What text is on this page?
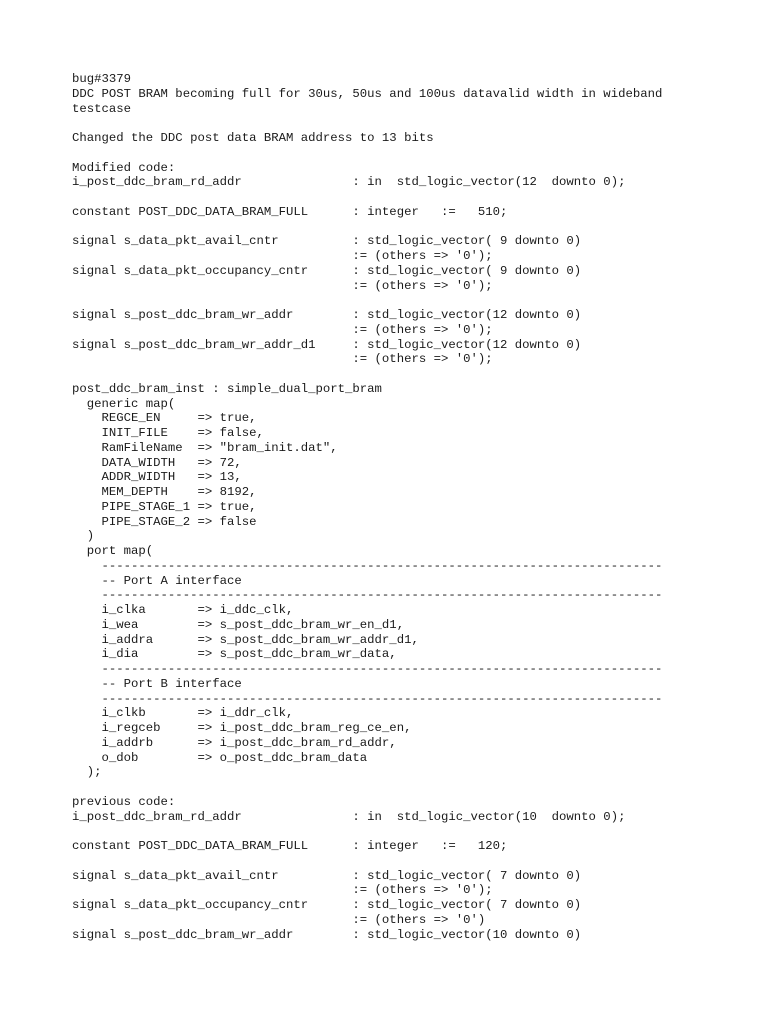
bug#3379
DDC POST BRAM becoming full for 30us, 50us and 100us datavalid width in wideband
testcase
Changed the DDC post data BRAM address to 13 bits
Modified code:
i_post_ddc_bram_rd_addr               : in  std_logic_vector(12  downto 0);
constant POST_DDC_DATA_BRAM_FULL      : integer   :=   510;
signal s_data_pkt_avail_cntr          : std_logic_vector( 9 downto 0)
:= (others => '0');
signal s_data_pkt_occupancy_cntr      : std_logic_vector( 9 downto 0)
:= (others => '0');
signal s_post_ddc_bram_wr_addr        : std_logic_vector(12 downto 0)
:= (others => '0');
signal s_post_ddc_bram_wr_addr_d1     : std_logic_vector(12 downto 0)
:= (others => '0');
post_ddc_bram_inst : simple_dual_port_bram
generic map(
REGCE_EN     => true,
INIT_FILE    => false,
RamFileName  => "bram_init.dat",
DATA_WIDTH   => 72,
ADDR_WIDTH   => 13,
MEM_DEPTH    => 8192,
PIPE_STAGE_1 => true,
PIPE_STAGE_2 => false
)
port map(
----------------------------------------------------------------------------
-- Port A interface
----------------------------------------------------------------------------
i_clka       => i_ddc_clk,
i_wea        => s_post_ddc_bram_wr_en_d1,
i_addra      => s_post_ddc_bram_wr_addr_d1,
i_dia        => s_post_ddc_bram_wr_data,
----------------------------------------------------------------------------
-- Port B interface
----------------------------------------------------------------------------
i_clkb       => i_ddr_clk,
i_regceb     => i_post_ddc_bram_reg_ce_en,
i_addrb      => i_post_ddc_bram_rd_addr,
o_dob        => o_post_ddc_bram_data
);
previous code:
i_post_ddc_bram_rd_addr               : in  std_logic_vector(10  downto 0);
constant POST_DDC_DATA_BRAM_FULL      : integer   :=   120;
signal s_data_pkt_avail_cntr          : std_logic_vector( 7 downto 0)
:= (others => '0');
signal s_data_pkt_occupancy_cntr      : std_logic_vector( 7 downto 0)
:= (others => '0')
signal s_post_ddc_bram_wr_addr        : std_logic_vector(10 downto 0)
